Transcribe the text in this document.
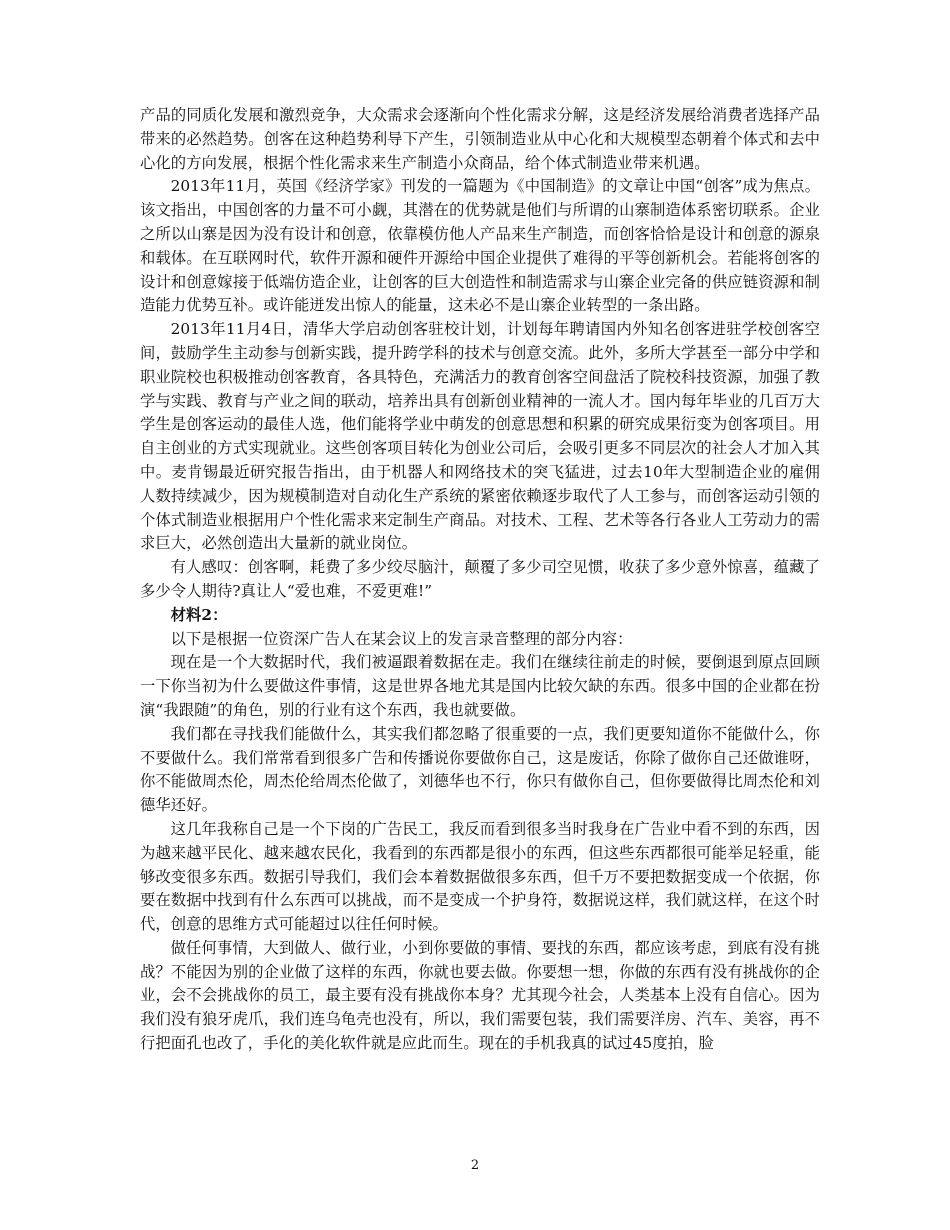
产品的同质化发展和激烈竞争，大众需求会逐渐向个性化需求分解，这是经济发展给消费者选择产品带来的必然趋势。创客在这种趋势利导下产生，引领制造业从中心化和大规模型态朝着个体式和去中心化的方向发展，根据个性化需求来生产制造小众商品，给个体式制造业带来机遇。

2013年11月，英国《经济学家》刊发的一篇题为《中国制造》的文章让中国“创客”成为焦点。该文指出，中国创客的力量不可小觑，其潜在的优势就是他们与所谓的山寨制造体系密切联系。企业之所以山寨是因为没有设计和创意，依靠模仿他人产品来生产制造，而创客恰恰是设计和创意的源泉和载体。在互联网时代，软件开源和硬件开源给中国企业提供了难得的平等创新机会。若能将创客的设计和创意嫁接于低端仿造企业，让创客的巨大创造性和制造需求与山寨企业完备的供应链资源和制造能力优势互补。或许能迸发出惊人的能量，这未必不是山寨企业转型的一条出路。

2013年11月4日，清华大学启动创客驻校计划，计划每年聘请国内外知名创客进驻学校创客空间，鼓励学生主动参与创新实践，提升跨学科的技术与创意交流。此外，多所大学甚至一部分中学和职业院校也积极推动创客教育，各具特色，充满活力的教育创客空间盘活了院校科技资源，加强了教学与实践、教育与产业之间的联动，培养出具有创新创业精神的一流人才。国内每年毕业的几百万大学生是创客运动的最佳人选，他们能将学业中萌发的创意思想和积累的研究成果衍变为创客项目。用自主创业的方式实现就业。这些创客项目转化为创业公司后，会吸引更多不同层次的社会人才加入其中。麦肯锡最近研究报告指出，由于机器人和网络技术的突飞猛进，过去10年大型制造企业的雇佣人数持续减少，因为规模制造对自动化生产系统的紧密依赖逐步取代了人工参与，而创客运动引领的个体式制造业根据用户个性化需求来定制生产商品。对技术、工程、艺术等各行各业人工劳动力的需求巨大，必然创造出大量新的就业岗位。

有人感叹：创客啊，耗费了多少绞尽脑汁，颠覆了多少司空见惯，收获了多少意外惊喜，蕴藏了多少令人期待?真让人“爱也难，不爱更难!”

材料2：

以下是根据一位资深广告人在某会议上的发言录音整理的部分内容：

现在是一个大数据时代，我们被逼跟着数据在走。我们在继续往前走的时候，要倒退到原点回顾一下你当初为什么要做这件事情，这是世界各地尤其是国内比较欠缺的东西。很多中国的企业都在扮演“我跟随”的角色，别的行业有这个东西，我也就要做。

我们都在寻找我们能做什么，其实我们都忽略了很重要的一点，我们更要知道你不能做什么，你不要做什么。我们常常看到很多广告和传播说你要做你自己，这是废话，你除了做你自己还做谁呀，你不能做周杰伦，周杰伦给周杰伦做了，刘德华也不行，你只有做你自己，但你要做得比周杰伦和刘德华还好。

这几年我称自己是一个下岗的广告民工，我反而看到很多当时我身在广告业中看不到的东西，因为越来越平民化、越来越农民化，我看到的东西都是很小的东西，但这些东西都很可能举足轻重，能够改变很多东西。数据引导我们，我们会本着数据做很多东西，但千万不要把数据变成一个依据，你要在数据中找到有什么东西可以挑战，而不是变成一个护身符，数据说这样，我们就这样，在这个时代，创意的思维方式可能超过以往任何时候。

做任何事情，大到做人、做行业，小到你要做的事情、要找的东西，都应该考虑，到底有没有挑战？不能因为别的企业做了这样的东西，你就也要去做。你要想一想，你做的东西有没有挑战你的企业，会不会挑战你的员工，最主要有没有挑战你本身？尤其现今社会，人类基本上没有自信心。因为我们没有狼牙虎爪，我们连乌龟壳也没有，所以，我们需要包装，我们需要洋房、汽车、美容，再不行把面孔也改了，手化的美化软件就是应此而生。现在的手机我真的试过45度拍，脸

2
